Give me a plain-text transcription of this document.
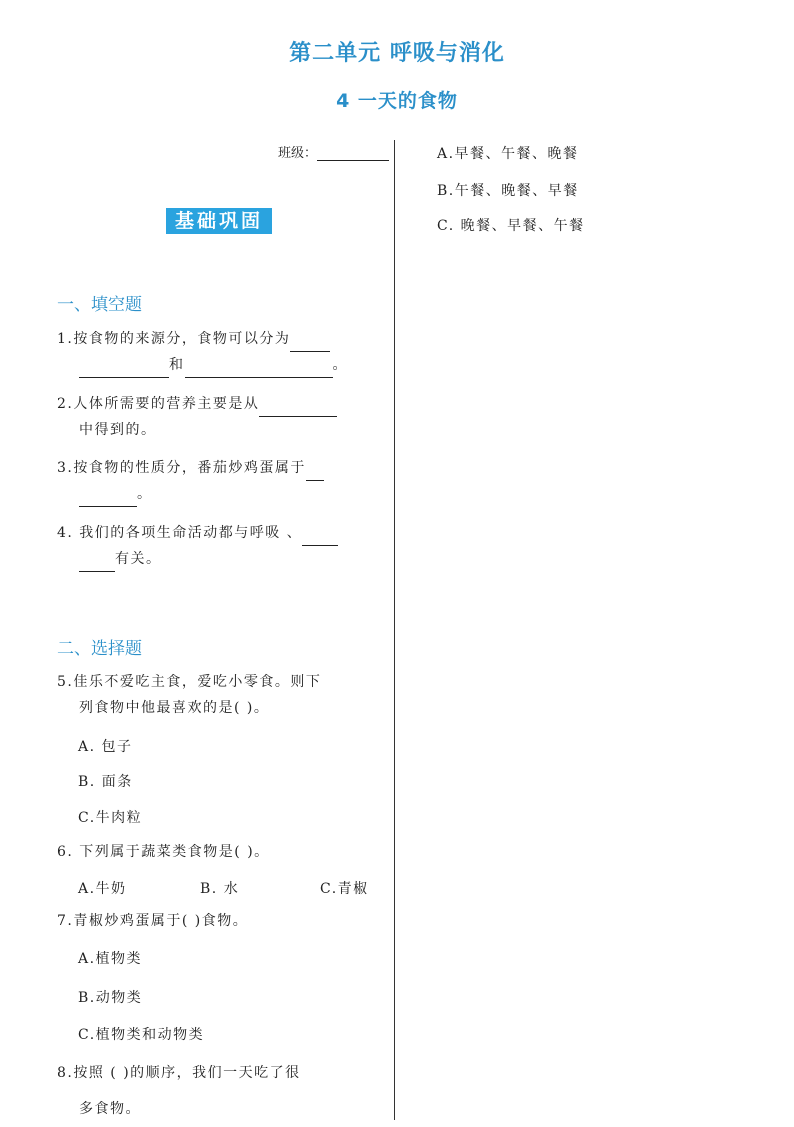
第二单元 呼吸与消化
4 一天的食物
班级：
基础巩固
一、填空题
1.按食物的来源分，食物可以分为
和	。
2.人体所需要的营养主要是从
中得到的。
3.按食物的性质分，番茄炒鸡蛋属于
。
4. 我们的各项生命活动都与呼吸 、
有关。
二、选择题
5.佳乐不爱吃主食，爱吃小零食。则下
列食物中他最喜欢的是( )。
A. 包子
B. 面条
C.牛肉粒
6. 下列属于蔬菜类食物是( )。
A.牛奶	B. 水	C.青椒
7.青椒炒鸡蛋属于( )食物。
A.植物类
B.动物类
C.植物类和动物类
8.按照 ( )的顺序，我们一天吃了很
多食物。
A.早餐、午餐、晚餐
B.午餐、晚餐、早餐
C. 晚餐、早餐、午餐
